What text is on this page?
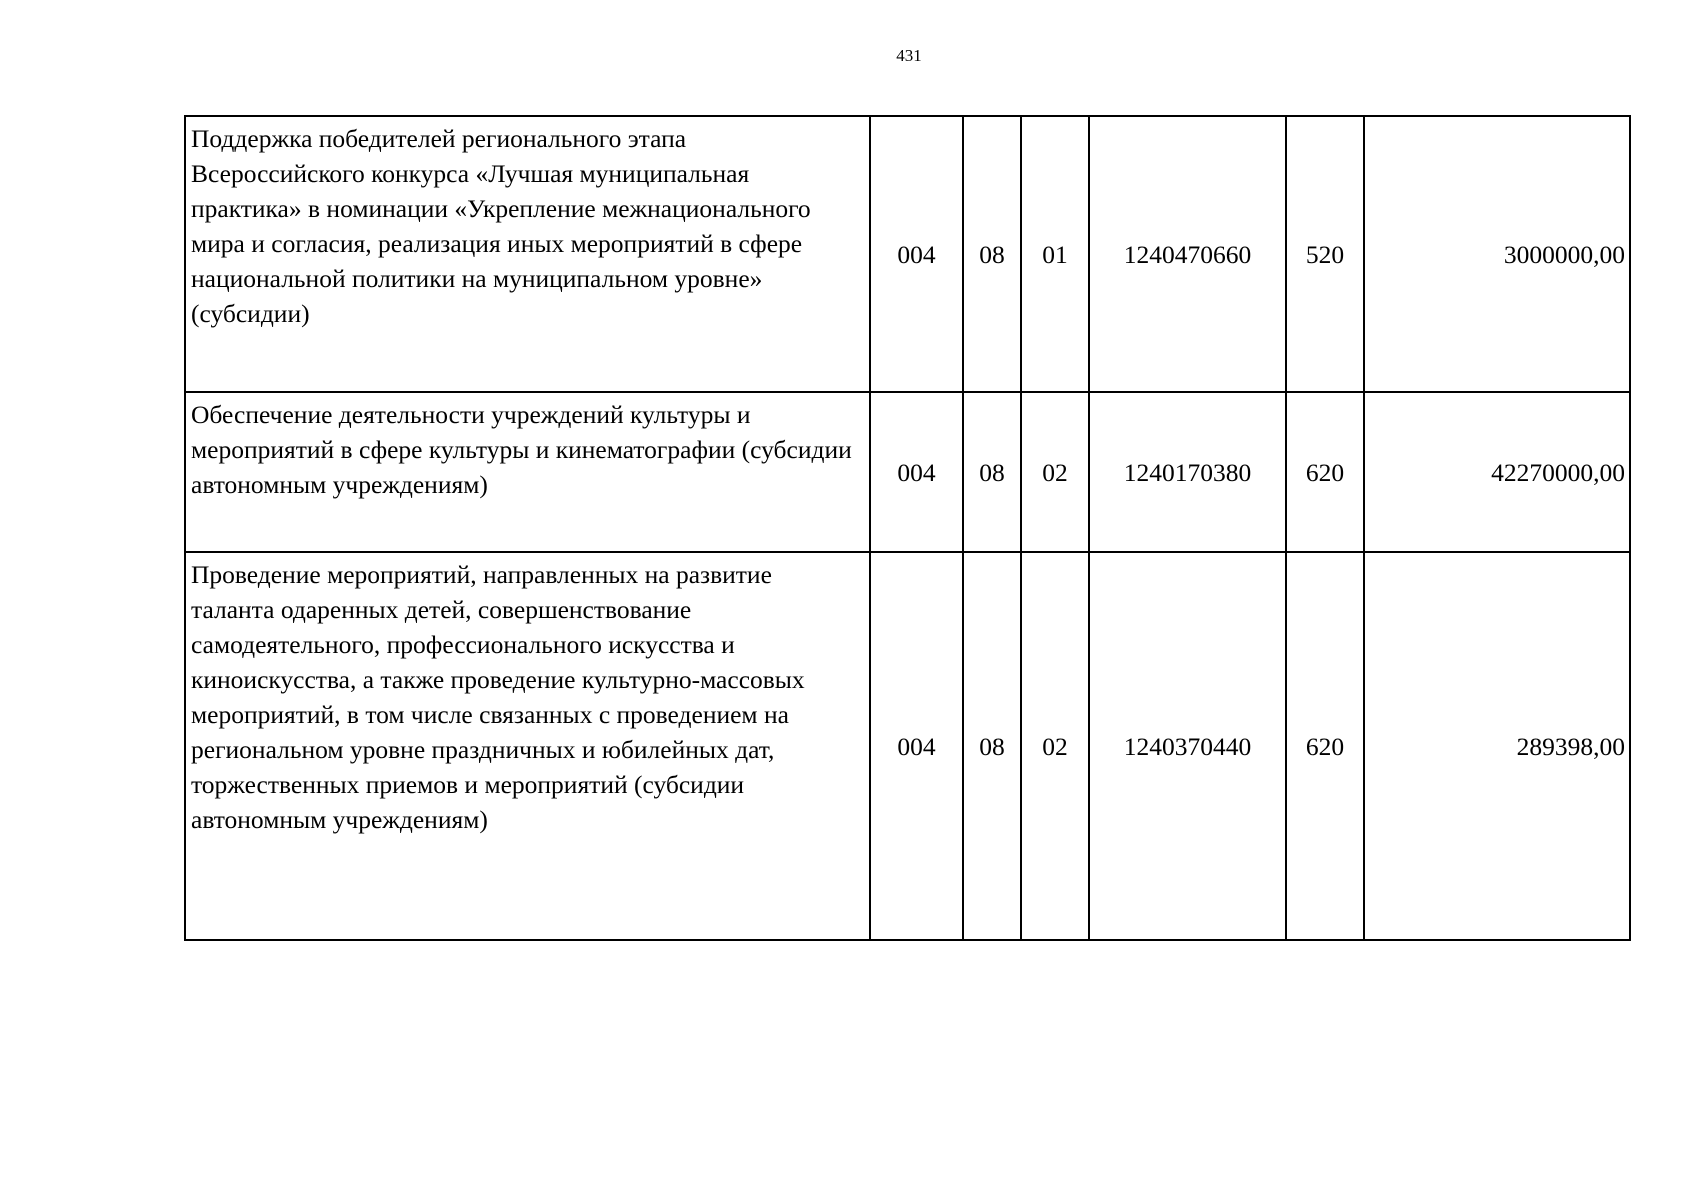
431
Поддержка победителей регионального этапа Всероссийского конкурса «Лучшая муниципальная практика» в номинации «Укрепление межнационального мира и согласия, реализация иных мероприятий в сфере национальной политики на муниципальном уровне» (субсидии)	004	08	01	1240470660	520	3000000,00
Обеспечение деятельности учреждений культуры и мероприятий в сфере культуры и кинематографии (субсидии автономным учреждениям)	004	08	02	1240170380	620	42270000,00
Проведение мероприятий, направленных на развитие таланта одаренных детей, совершенствование самодеятельного, профессионального искусства и киноискусства, а также проведение культурно-массовых мероприятий, в том числе связанных с проведением на региональном уровне праздничных и юбилейных дат, торжественных приемов и мероприятий (субсидии автономным учреждениям)	004	08	02	1240370440	620	289398,00
